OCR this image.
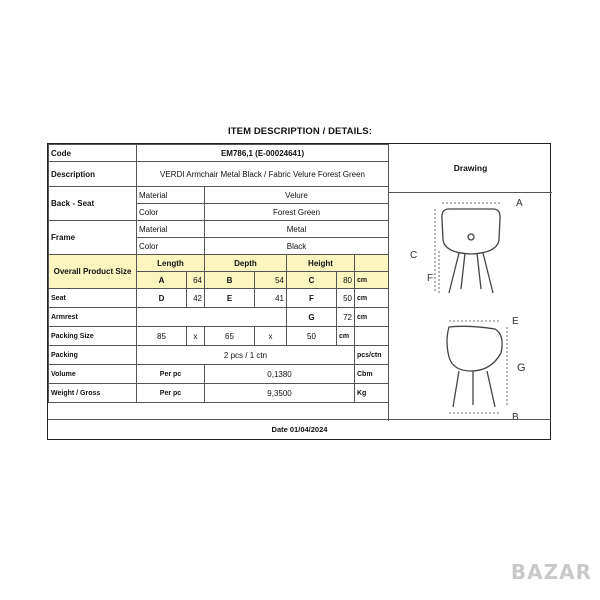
ITEM DESCRIPTION / DETAILS:
Code	EM786,1 (E-00024641)						
Description	VERDI Armchair Metal Black / Fabric Velure Forest Green						
Back - Seat	Material		Velure				
	Color		Forest Green				
Frame	Material		Metal				
	Color		Black				
Overall Product Size	Length		Depth		Height		
	A	64	B	54	C	80	cm
Seat	D	42	E	41	F	50	cm
Armrest					G	72	cm
Packing Size	85	x	65	x	50	cm	
Packing	2 pcs / 1 ctn						pcs/ctn
Volume	Per pc		0,1380				Cbm
Weight / Gross	Per pc		9,3500				Kg
Drawing
A
C
F
E
G
B
Date 01/04/2024
BAZAR
